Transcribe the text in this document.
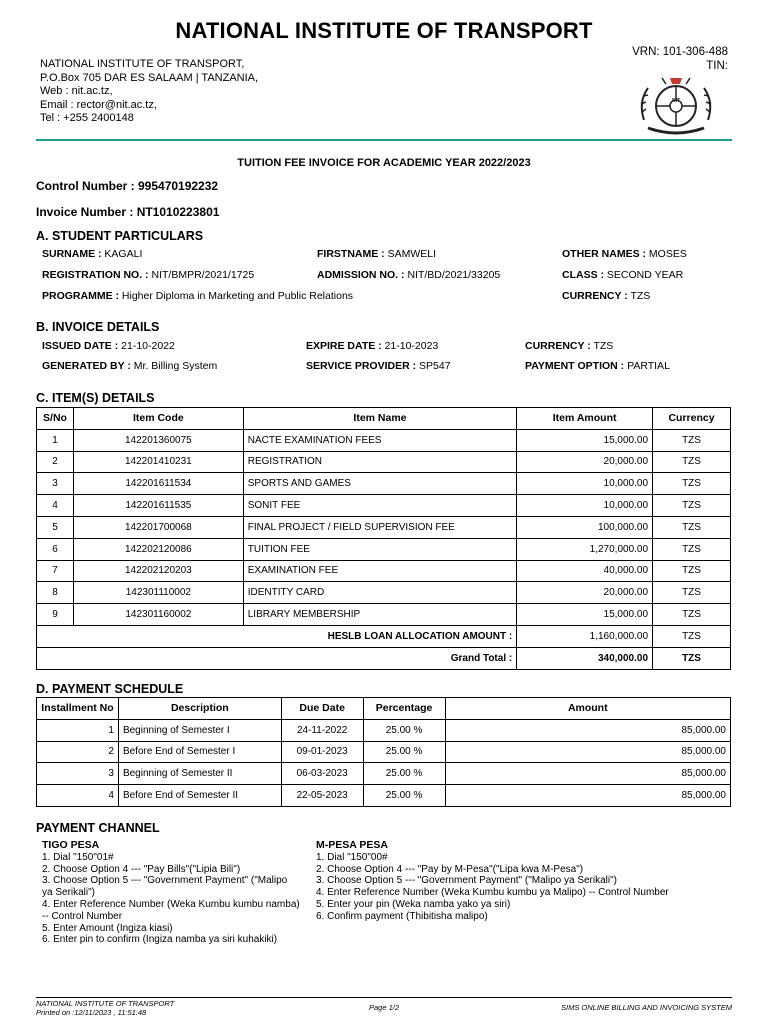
NATIONAL INSTITUTE OF TRANSPORT
NATIONAL INSTITUTE OF TRANSPORT,
P.O.Box 705 DAR ES SALAAM | TANZANIA,
Web : nit.ac.tz,
Email : rector@nit.ac.tz,
Tel : +255 2400148
VRN: 101-306-488
TIN:
NIT
TUITION FEE INVOICE FOR ACADEMIC YEAR 2022/2023
Control Number : 995470192232
Invoice Number : NT1010223801
A. STUDENT PARTICULARS
SURNAME : KAGALI	FIRSTNAME : SAMWELI	OTHER NAMES : MOSES
REGISTRATION NO. : NIT/BMPR/2021/1725	ADMISSION NO. : NIT/BD/2021/33205	CLASS : SECOND YEAR
PROGRAMME : Higher Diploma in Marketing and Public Relations	CURRENCY : TZS
B. INVOICE DETAILS
ISSUED DATE : 21-10-2022	EXPIRE DATE : 21-10-2023	CURRENCY : TZS
GENERATED BY : Mr. Billing System	SERVICE PROVIDER : SP547	PAYMENT OPTION : PARTIAL
C. ITEM(S) DETAILS
S/No	Item Code	Item Name	Item Amount	Currency
1	142201360075	NACTE EXAMINATION FEES	15,000.00	TZS
2	142201410231	REGISTRATION	20,000.00	TZS
3	142201611534	SPORTS AND GAMES	10,000.00	TZS
4	142201611535	SONIT FEE	10,000.00	TZS
5	142201700068	FINAL PROJECT / FIELD SUPERVISION FEE	100,000.00	TZS
6	142202120086	TUITION FEE	1,270,000.00	TZS
7	142202120203	EXAMINATION FEE	40,000.00	TZS
8	142301110002	IDENTITY CARD	20,000.00	TZS
9	142301160002	LIBRARY MEMBERSHIP	15,000.00	TZS
HESLB LOAN ALLOCATION AMOUNT :			1,160,000.00	TZS
Grand Total :			340,000.00	TZS
D. PAYMENT SCHEDULE
Installment No	Description	Due Date	Percentage	Amount
1	Beginning of Semester I	24-11-2022	25.00 %	85,000.00
2	Before End of Semester I	09-01-2023	25.00 %	85,000.00
3	Beginning of Semester II	06-03-2023	25.00 %	85,000.00
4	Before End of Semester II	22-05-2023	25.00 %	85,000.00
PAYMENT CHANNEL
TIGO PESA
1. Dial "150"01#
2. Choose Option 4 --- "Pay Bills"("Lipia Bili")
3. Choose Option 5 --- "Government Payment" ("Malipo
ya Serikali")
4. Enter Reference Number (Weka Kumbu kumbu namba)
-- Control Number
5. Enter Amount (Ingiza kiasi)
6. Enter pin to confirm (Ingiza namba ya siri kuhakiki)
M-PESA PESA
1. Dial "150"00#
2. Choose Option 4 --- "Pay by M-Pesa"("Lipa kwa M-Pesa")
3. Choose Option 5 --- "Government Payment" ("Malipo ya Serikali")
4. Enter Reference Number (Weka Kumbu kumbu ya Malipo) -- Control Number
5. Enter your pin (Weka namba yako ya siri)
6. Confirm payment (Thibitisha malipo)
NATIONAL INSTITUTE OF TRANSPORT
Printed on :12/11/2023 , 11:51:48
Page 1/2	SIMS ONLINE BILLING AND INVOICING SYSTEM
